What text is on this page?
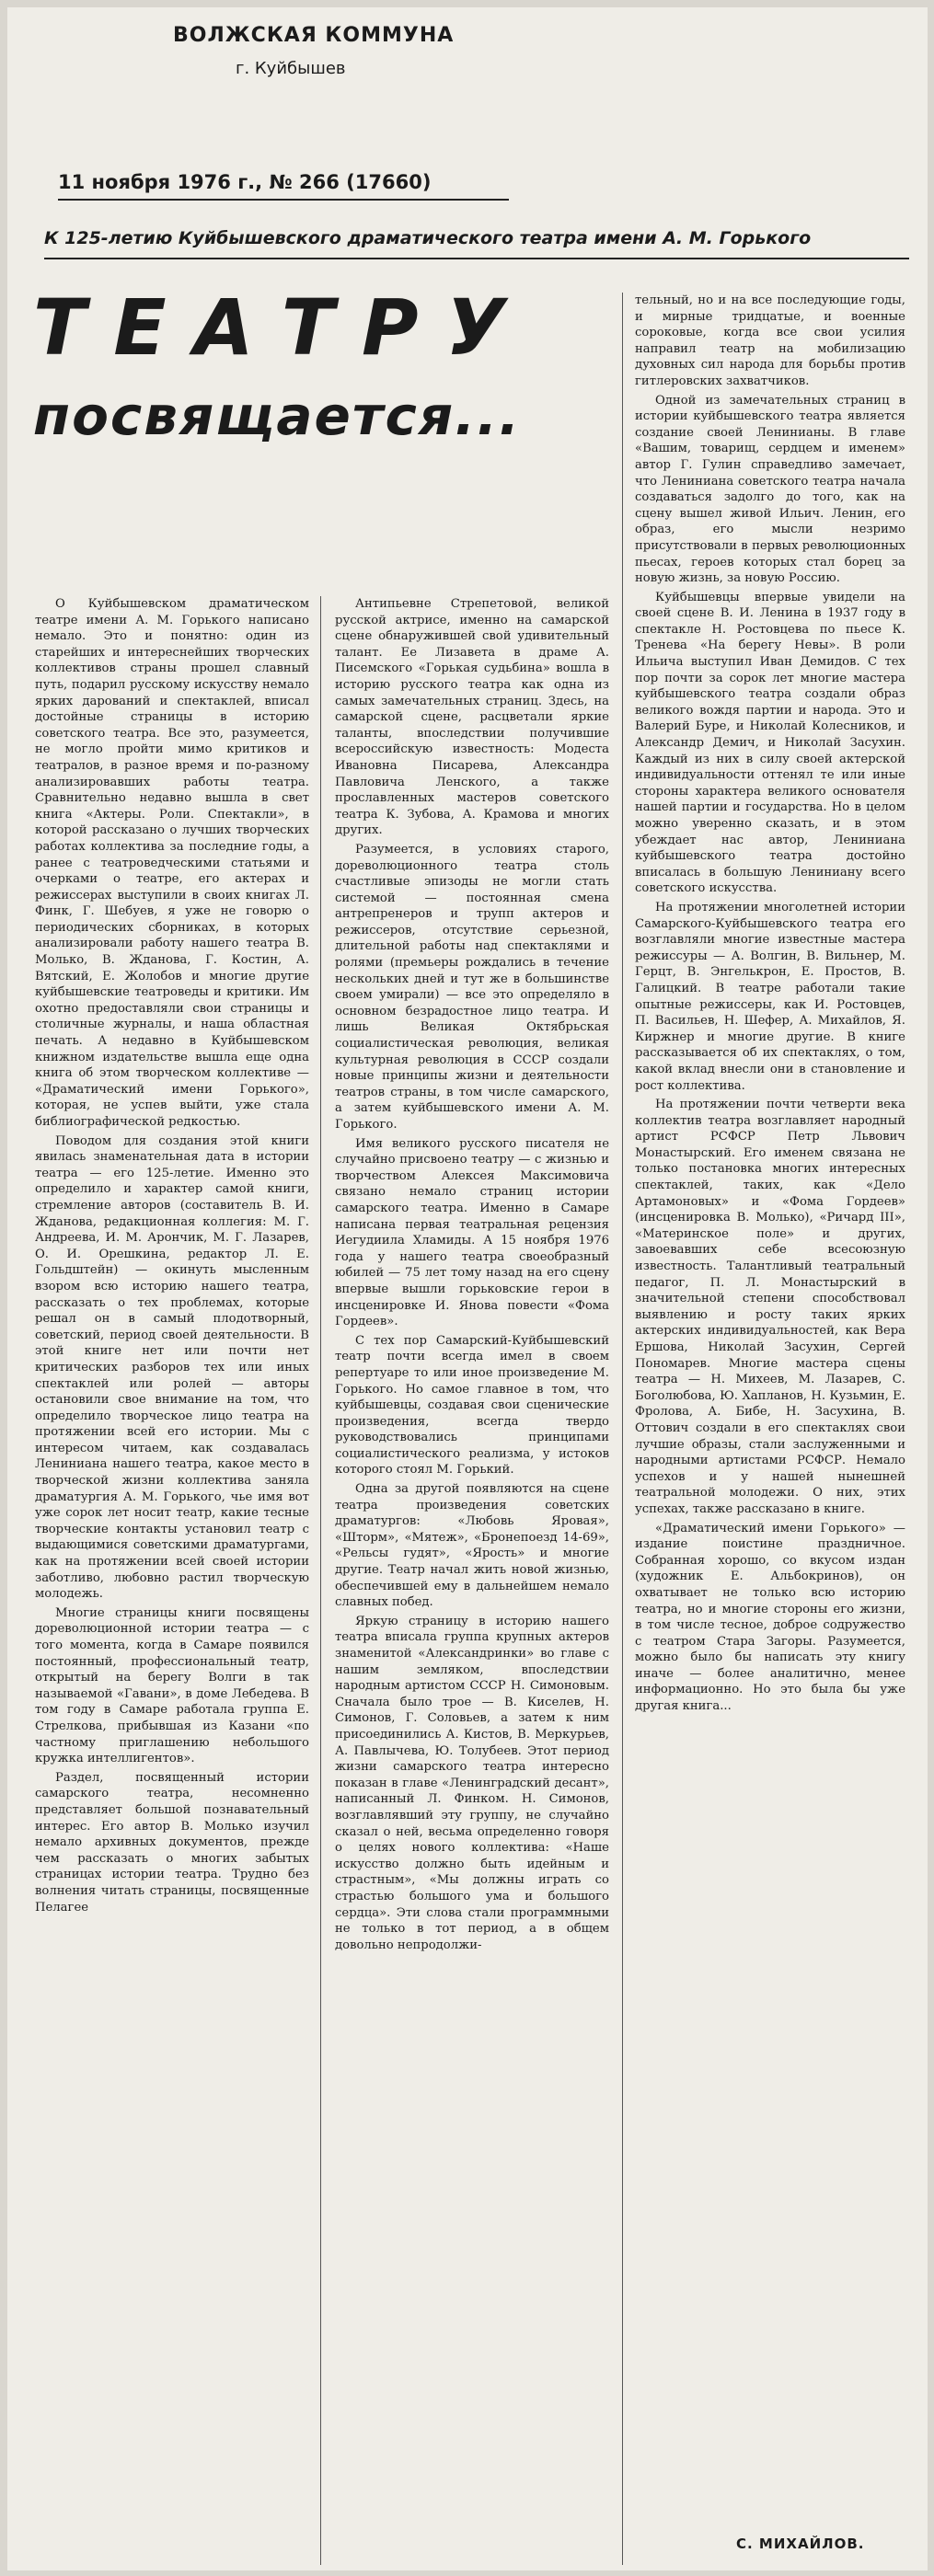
ВОЛЖСКАЯ КОММУНА
г. Куйбышев
11 ноября 1976 г., № 266 (17660)
К 125-летию Куйбышевского драматического театра имени А. М. Горького
ТЕАТРУ
посвящается...

О Куйбышевском драматическом театре имени А. М. Горького написано немало. Это и понятно: один из старейших и интереснейших творческих коллективов страны прошел славный путь, подарил русскому искусству немало ярких дарований и спектаклей, вписал достойные страницы в историю советского театра. Все это, разумеется, не могло пройти мимо критиков и театралов, в разное время и по-разному анализировавших работы театра. Сравнительно недавно вышла в свет книга «Актеры. Роли. Спектакли», в которой рассказано о лучших творческих работах коллектива за последние годы, а ранее с театроведческими статьями и очерками о театре, его актерах и режиссерах выступили в своих книгах Л. Финк, Г. Шебуев, я уже не говорю о периодических сборниках, в которых анализировали работу нашего театра В. Молько, В. Жданова, Г. Костин, А. Вятский, Е. Жолобов и многие другие куйбышевские театроведы и критики. Им охотно предоставляли свои страницы и столичные журналы, и наша областная печать. А недавно в Куйбышевском книжном издательстве вышла еще одна книга об этом творческом коллективе — «Драматический имени Горького», которая, не успев выйти, уже стала библиографической редкостью.

Поводом для создания этой книги явилась знаменательная дата в истории театра — его 125-летие. Именно это определило и характер самой книги, стремление авторов (составитель В. И. Жданова, редакционная коллегия: М. Г. Андреева, И. М. Арончик, М. Г. Лазарев, О. И. Орешкина, редактор Л. Е. Гольдштейн) — окинуть мысленным взором всю историю нашего театра, рассказать о тех проблемах, которые решал он в самый плодотворный, советский, период своей деятельности. В этой книге нет или почти нет критических разборов тех или иных спектаклей или ролей — авторы остановили свое внимание на том, что определило творческое лицо театра на протяжении всей его истории. Мы с интересом читаем, как создавалась Лениниана нашего театра, какое место в творческой жизни коллектива заняла драматургия А. М. Горького, чье имя вот уже сорок лет носит театр, какие тесные творческие контакты установил театр с выдающимися советскими драматургами, как на протяжении всей своей истории заботливо, любовно растил творческую молодежь.

Многие страницы книги посвящены дореволюционной истории театра — с того момента, когда в Самаре появился постоянный, профессиональный театр, открытый на берегу Волги в так называемой «Гавани», в доме Лебедева. В том году в Самаре работала группа Е. Стрелкова, прибывшая из Казани «по частному приглашению небольшого кружка интеллигентов».

Раздел, посвященный истории самарского театра, несомненно представляет большой познавательный интерес. Его автор В. Молько изучил немало архивных документов, прежде чем рассказать о многих забытых страницах истории театра. Трудно без волнения читать страницы, посвященные Пелагее

Антипьевне Стрепетовой, великой русской актрисе, именно на самарской сцене обнаружившей свой удивительный талант. Ее Лизавета в драме А. Писемского «Горькая судьбина» вошла в историю русского театра как одна из самых замечательных страниц. Здесь, на самарской сцене, расцветали яркие таланты, впоследствии получившие всероссийскую известность: Модеста Ивановна Писарева, Александра Павловича Ленского, а также прославленных мастеров советского театра К. Зубова, А. Крамова и многих других.

Разумеется, в условиях старого, дореволюционного театра столь счастливые эпизоды не могли стать системой — постоянная смена антрепренеров и трупп актеров и режиссеров, отсутствие серьезной, длительной работы над спектаклями и ролями (премьеры рождались в течение нескольких дней и тут же в большинстве своем умирали) — все это определяло в основном безрадостное лицо театра. И лишь Великая Октябрьская социалистическая революция, великая культурная революция в СССР создали новые принципы жизни и деятельности театров страны, в том числе самарского, а затем куйбышевского имени А. М. Горького.

Имя великого русского писателя не случайно присвоено театру — с жизнью и творчеством Алексея Максимовича связано немало страниц истории самарского театра. Именно в Самаре написана первая театральная рецензия Иегудиила Хламиды. А 15 ноября 1976 года у нашего театра своеобразный юбилей — 75 лет тому назад на его сцену впервые вышли горьковские герои в инсценировке И. Янова повести «Фома Гордеев».

С тех пор Самарский-Куйбышевский театр почти всегда имел в своем репертуаре то или иное произведение М. Горького. Но самое главное в том, что куйбышевцы, создавая свои сценические произведения, всегда твердо руководствовались принципами социалистического реализма, у истоков которого стоял М. Горький.

Одна за другой появляются на сцене театра произведения советских драматургов: «Любовь Яровая», «Шторм», «Мятеж», «Бронепоезд 14-69», «Рельсы гудят», «Ярость» и многие другие. Театр начал жить новой жизнью, обеспечившей ему в дальнейшем немало славных побед.

Яркую страницу в историю нашего театра вписала группа крупных актеров знаменитой «Александринки» во главе с нашим земляком, впоследствии народным артистом СССР Н. Симоновым. Сначала было трое — В. Киселев, Н. Симонов, Г. Соловьев, а затем к ним присоединились А. Кистов, В. Меркурьев, А. Павлычева, Ю. Толубеев. Этот период жизни самарского театра интересно показан в главе «Ленинградский десант», написанный Л. Финком. Н. Симонов, возглавлявший эту группу, не случайно сказал о ней, весьма определенно говоря о целях нового коллектива: «Наше искусство должно быть идейным и страстным», «Мы должны играть со страстью большого ума и большого сердца». Эти слова стали программными не только в тот период, а в общем довольно непродолжи-

тельный, но и на все последующие годы, и мирные тридцатые, и военные сороковые, когда все свои усилия направил театр на мобилизацию духовных сил народа для борьбы против гитлеровских захватчиков.

Одной из замечательных страниц в истории куйбышевского театра является создание своей Ленинианы. В главе «Вашим, товарищ, сердцем и именем» автор Г. Гулин справедливо замечает, что Лениниана советского театра начала создаваться задолго до того, как на сцену вышел живой Ильич. Ленин, его образ, его мысли незримо присутствовали в первых революционных пьесах, героев которых стал борец за новую жизнь, за новую Россию.

Куйбышевцы впервые увидели на своей сцене В. И. Ленина в 1937 году в спектакле Н. Ростовцева по пьесе К. Тренева «На берегу Невы». В роли Ильича выступил Иван Демидов. С тех пор почти за сорок лет многие мастера куйбышевского театра создали образ великого вождя партии и народа. Это и Валерий Буре, и Николай Колесников, и Александр Демич, и Николай Засухин. Каждый из них в силу своей актерской индивидуальности оттенял те или иные стороны характера великого основателя нашей партии и государства. Но в целом можно уверенно сказать, и в этом убеждает нас автор, Лениниана куйбышевского театра достойно вписалась в большую Лениниану всего советского искусства.

На протяжении многолетней истории Самарского-Куйбышевского театра его возглавляли многие известные мастера режиссуры — А. Волгин, В. Вильнер, М. Герцт, В. Энгелькрон, Е. Простов, В. Галицкий. В театре работали такие опытные режиссеры, как И. Ростовцев, П. Васильев, Н. Шефер, А. Михайлов, Я. Киржнер и многие другие. В книге рассказывается об их спектаклях, о том, какой вклад внесли они в становление и рост коллектива.

На протяжении почти четверти века коллектив театра возглавляет народный артист РСФСР Петр Львович Монастырский. Его именем связана не только постановка многих интересных спектаклей, таких, как «Дело Артамоновых» и «Фома Гордеев» (инсценировка В. Молько), «Ричард III», «Материнское поле» и других, завоевавших себе всесоюзную известность. Талантливый театральный педагог, П. Л. Монастырский в значительной степени способствовал выявлению и росту таких ярких актерских индивидуальностей, как Вера Ершова, Николай Засухин, Сергей Пономарев. Многие мастера сцены театра — Н. Михеев, М. Лазарев, С. Боголюбова, Ю. Хапланов, Н. Кузьмин, Е. Фролова, А. Бибе, Н. Засухина, В. Оттович создали в его спектаклях свои лучшие образы, стали заслуженными и народными артистами РСФСР. Немало успехов и у нашей нынешней театральной молодежи. О них, этих успехах, также рассказано в книге.

«Драматический имени Горького» — издание поистине праздничное. Собранная хорошо, со вкусом издан (художник Е. Альбокринов), он охватывает не только всю историю театра, но и многие стороны его жизни, в том числе тесное, доброе содружество с театром Стара Загоры. Разумеется, можно было бы написать эту книгу иначе — более аналитично, менее информационно. Но это была бы уже другая книга...

С. МИХАЙЛОВ.
